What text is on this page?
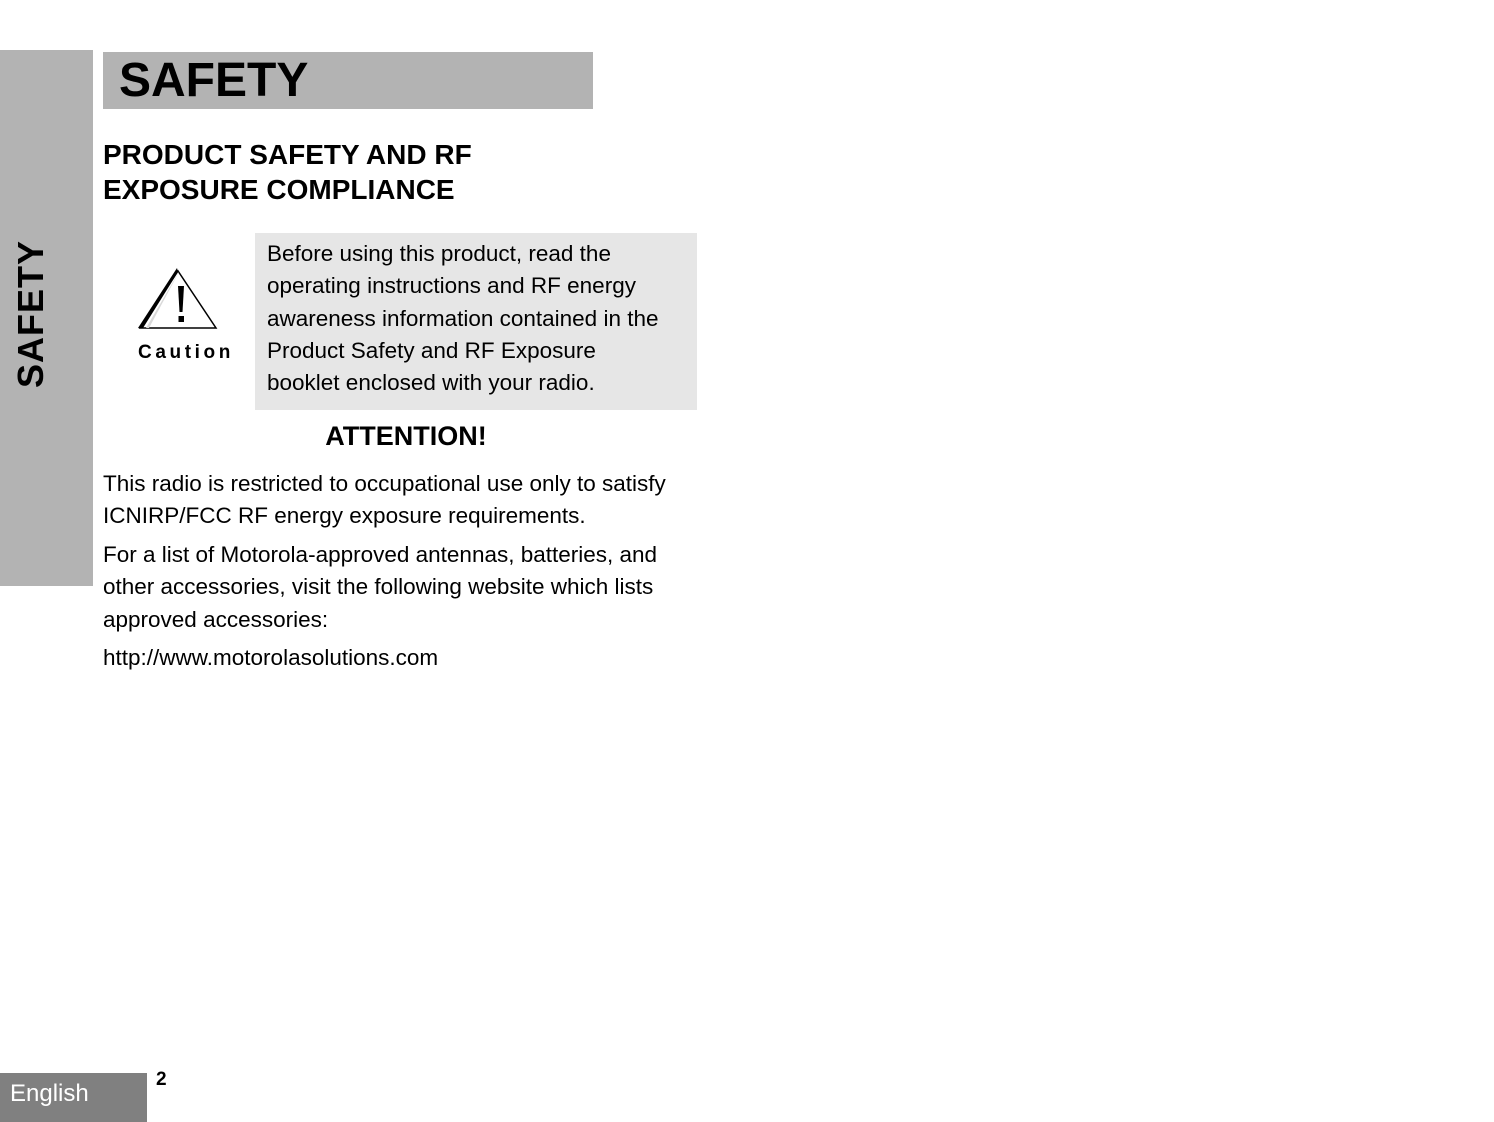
SAFETY
SAFETY
PRODUCT SAFETY AND RF
EXPOSURE COMPLIANCE
Caution
Before using this product, read the
operating instructions and RF energy
awareness information contained in the
Product Safety and RF Exposure
booklet enclosed with your radio.
ATTENTION!
This radio is restricted to occupational use only to satisfy
ICNIRP/FCC RF energy exposure requirements.
For a list of Motorola-approved antennas, batteries, and
other accessories, visit the following website which lists
approved accessories:
http://www.motorolasolutions.com
English
2
